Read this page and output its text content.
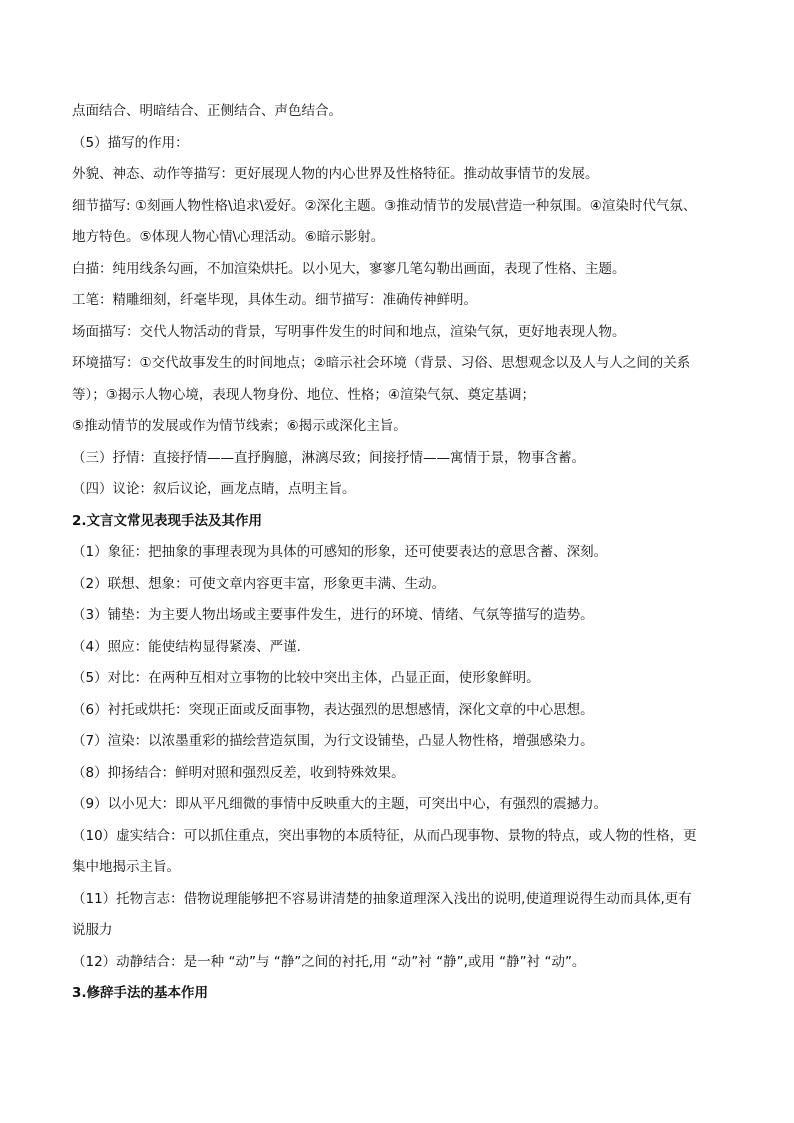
点面结合、明暗结合、正侧结合、声色结合。
（5）描写的作用：
外貌、神态、动作等描写：更好展现人物的内心世界及性格特征。推动故事情节的发展。
细节描写: ①刻画人物性格\追求\爱好。②深化主题。③推动情节的发展\营造一种氛围。④渲染时代气氛、
地方特色。⑤体现人物心情\心理活动。⑥暗示影射。
白描：纯用线条勾画，不加渲染烘托。以小见大，寥寥几笔勾勒出画面，表现了性格、主题。
工笔：精雕细刻，纤毫毕现，具体生动。细节描写：准确传神鲜明。
场面描写：交代人物活动的背景，写明事件发生的时间和地点，渲染气氛，更好地表现人物。
环境描写：①交代故事发生的时间地点；②暗示社会环境（背景、习俗、思想观念以及人与人之间的关系
等）；③揭示人物心境，表现人物身份、地位、性格；④渲染气氛、奠定基调；
⑤推动情节的发展或作为情节线索；⑥揭示或深化主旨。
（三）抒情：直接抒情——直抒胸臆，淋漓尽致；间接抒情——寓情于景，物事含蓄。
（四）议论：叙后议论，画龙点睛，点明主旨。
2.文言文常见表现手法及其作用
（1）象征：把抽象的事理表现为具体的可感知的形象，还可使要表达的意思含蓄、深刻。
（2）联想、想象：可使文章内容更丰富，形象更丰满、生动。
（3）铺垫：为主要人物出场或主要事件发生，进行的环境、情绪、气氛等描写的造势。
（4）照应：能使结构显得紧凑、严谨.
（5）对比：在两种互相对立事物的比较中突出主体，凸显正面，使形象鲜明。
（6）衬托或烘托：突现正面或反面事物，表达强烈的思想感情，深化文章的中心思想。
（7）渲染：以浓墨重彩的描绘营造氛围，为行文设铺垫，凸显人物性格，增强感染力。
（8）抑扬结合：鲜明对照和强烈反差，收到特殊效果。
（9）以小见大：即从平凡细微的事情中反映重大的主题，可突出中心，有强烈的震撼力。
（10）虚实结合：可以抓住重点，突出事物的本质特征，从而凸现事物、景物的特点，或人物的性格，更
集中地揭示主旨。
（11）托物言志：借物说理能够把不容易讲清楚的抽象道理深入浅出的说明,使道理说得生动而具体,更有
说服力
（12）动静结合：是一种 “动”与 “静”之间的衬托,用 “动”衬 “静”,或用 “静”衬 “动”。
3.修辞手法的基本作用
